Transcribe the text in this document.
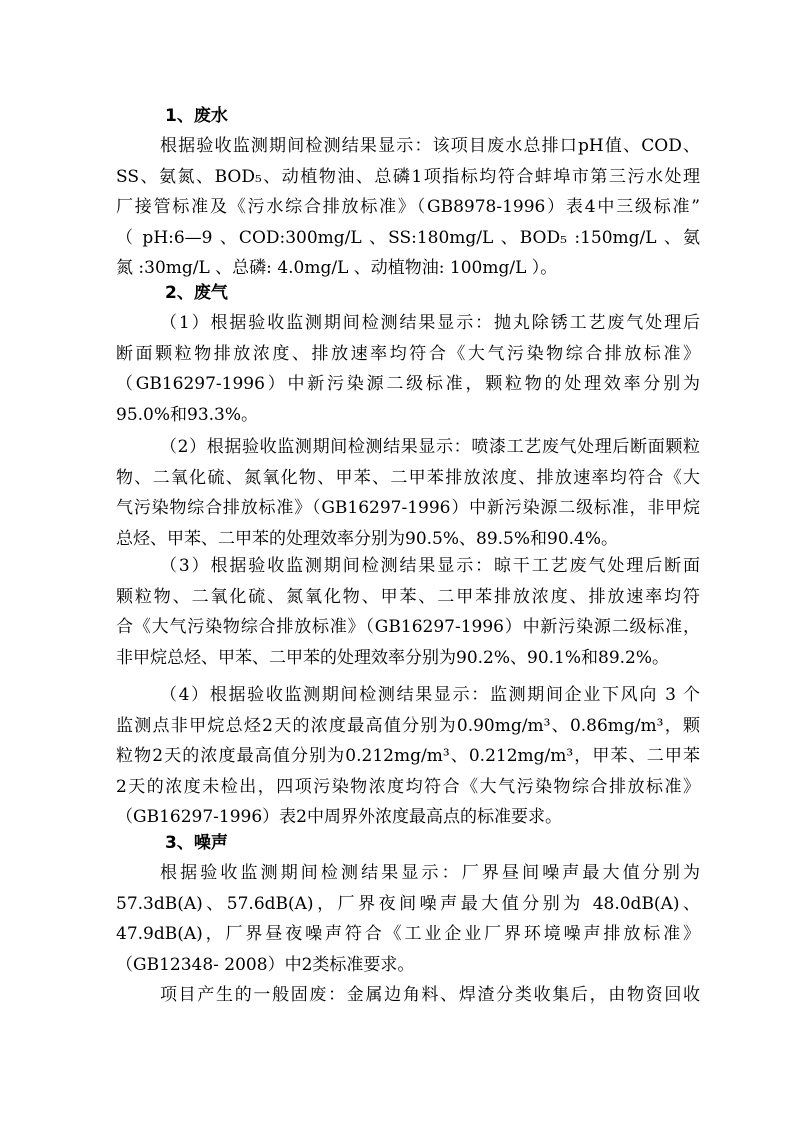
1、废水
根据验收监测期间检测结果显示：该项目废水总排口pH值、COD、
SS、氨氮、BOD₅、动植物油、总磷1项指标均符合蚌埠市第三污水处理
厂接管标准及《污水综合排放标准》（GB8978-1996）表4中三级标准”
（ pH:6—9 、COD:300mg/L 、SS:180mg/L 、BOD₅ :150mg/L 、氨
氮 :30mg/L 、总磷: 4.0mg/L 、动植物油: 100mg/L ）。
2、废气
（1）根据验收监测期间检测结果显示：抛丸除锈工艺废气处理后
断面颗粒物排放浓度、排放速率均符合《大气污染物综合排放标准》
（GB16297-1996）中新污染源二级标准，颗粒物的处理效率分别为
95.0%和93.3%。
（2）根据验收监测期间检测结果显示：喷漆工艺废气处理后断面颗粒
物、二氧化硫、氮氧化物、甲苯、二甲苯排放浓度、排放速率均符合《大
气污染物综合排放标准》（GB16297-1996）中新污染源二级标准，非甲烷
总烃、甲苯、二甲苯的处理效率分别为90.5%、89.5%和90.4%。
（3）根据验收监测期间检测结果显示：晾干工艺废气处理后断面
颗粒物、二氧化硫、氮氧化物、甲苯、二甲苯排放浓度、排放速率均符
合《大气污染物综合排放标准》（GB16297-1996）中新污染源二级标准，
非甲烷总烃、甲苯、二甲苯的处理效率分别为90.2%、90.1%和89.2%。
（4）根据验收监测期间检测结果显示：监测期间企业下风向 3 个
监测点非甲烷总烃2天的浓度最高值分别为0.90mg/m³、0.86mg/m³，颗
粒物2天的浓度最高值分别为0.212mg/m³、0.212mg/m³，甲苯、二甲苯
2天的浓度未检出，四项污染物浓度均符合《大气污染物综合排放标准》
（GB16297-1996）表2中周界外浓度最高点的标准要求。
3、噪声
根据验收监测期间检测结果显示：厂界昼间噪声最大值分别为
57.3dB(A)、57.6dB(A)，厂界夜间噪声最大值分别为 48.0dB(A)、
47.9dB(A)，厂界昼夜噪声符合《工业企业厂界环境噪声排放标准》
（GB12348- 2008）中2类标准要求。
项目产生的一般固废：金属边角料、焊渣分类收集后，由物资回收
